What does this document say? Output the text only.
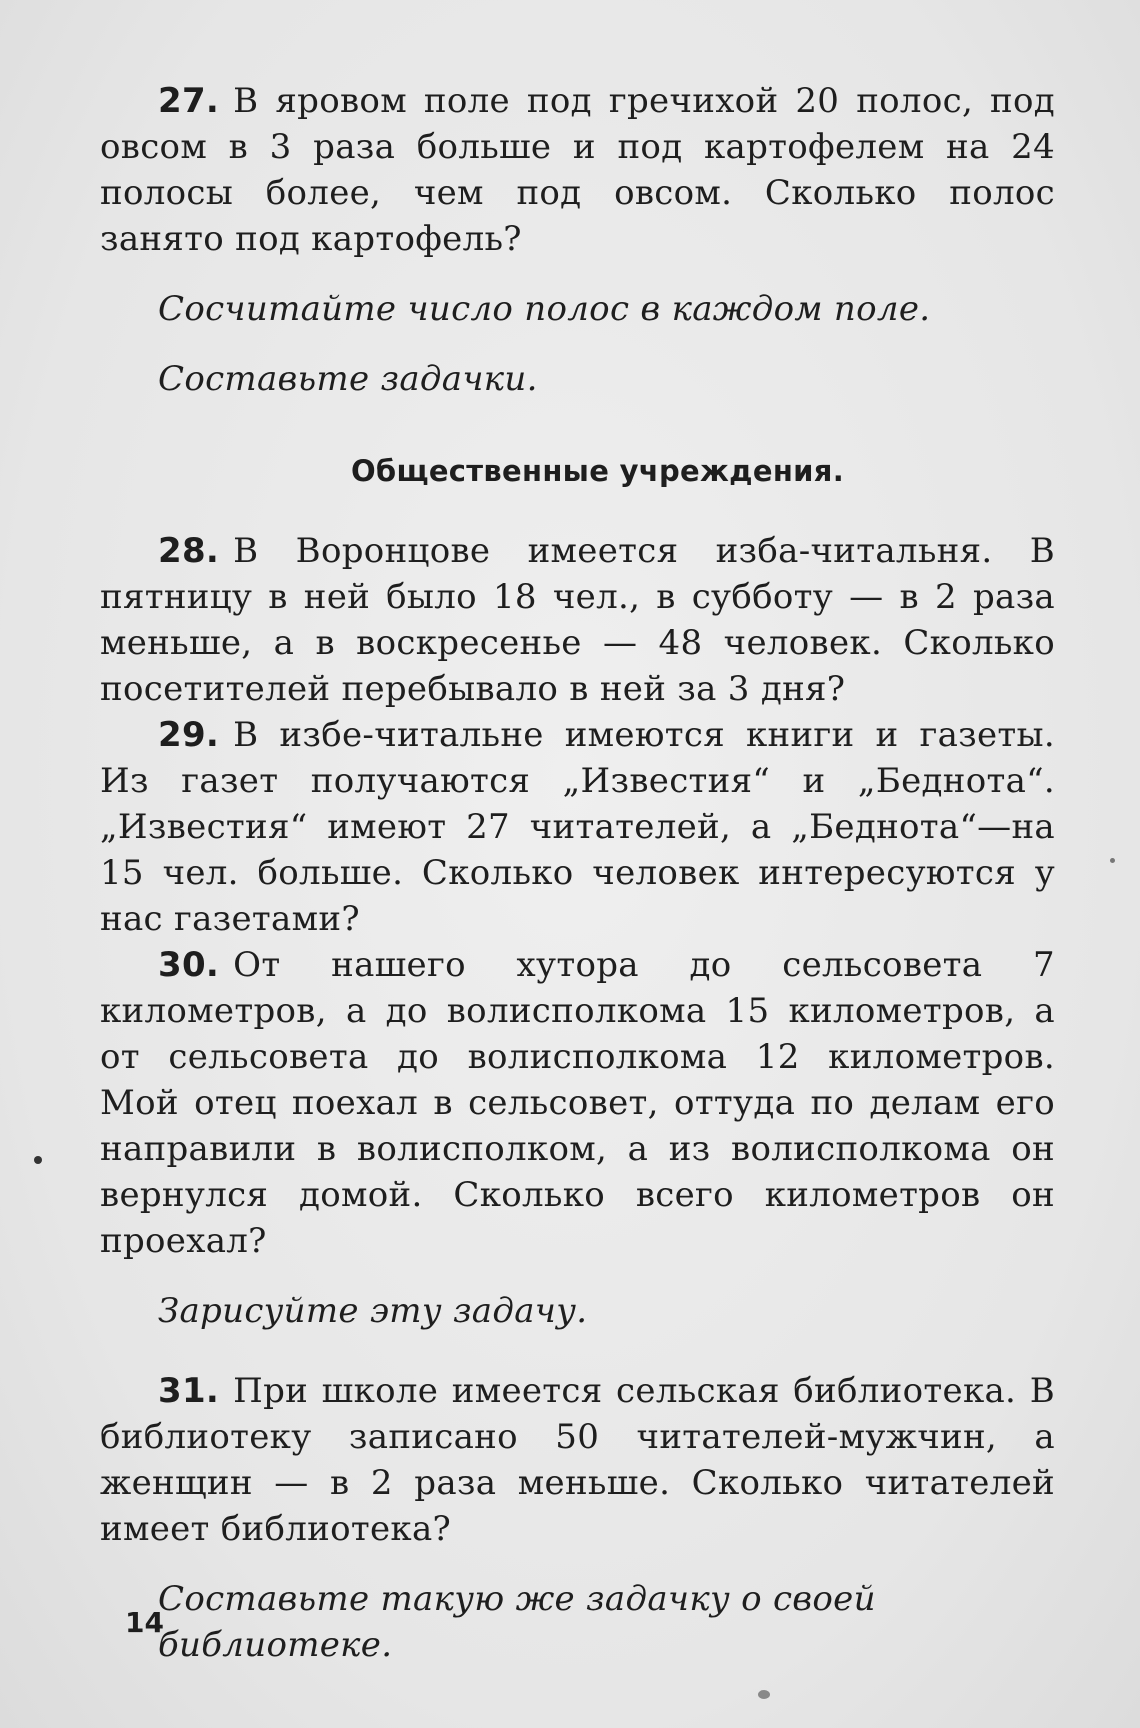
27. В яровом поле под гречихой 20 полос, под овсом в 3 раза больше и под картофелем на 24 полосы более, чем под овсом. Сколько полос занято под картофель?

Сосчитайте число полос в каждом поле.

Составьте задачки.

Общественные учреждения.

28. В Воронцове имеется изба-читальня. В пятницу в ней было 18 чел., в субботу — в 2 раза меньше, а в воскресенье — 48 человек. Сколько посетителей перебывало в ней за 3 дня?

29. В избе-читальне имеются книги и газеты. Из газет получаются „Известия“ и „Беднота“. „Известия“ имеют 27 читателей, а „Беднота“—на 15 чел. больше. Сколько человек интересуются у нас газетами?

30. От нашего хутора до сельсовета 7 километров, а до волисполкома 15 километров, а от сельсовета до волисполкома 12 километров. Мой отец поехал в сельсовет, оттуда по делам его направили в волисполком, а из волисполкома он вернулся домой. Сколько всего километров он проехал?

Зарисуйте эту задачу.

31. При школе имеется сельская библиотека. В библиотеку записано 50 читателей-мужчин, а женщин — в 2 раза меньше. Сколько читателей имеет библиотека?

Составьте такую же задачку о своей библиотеке.

14
